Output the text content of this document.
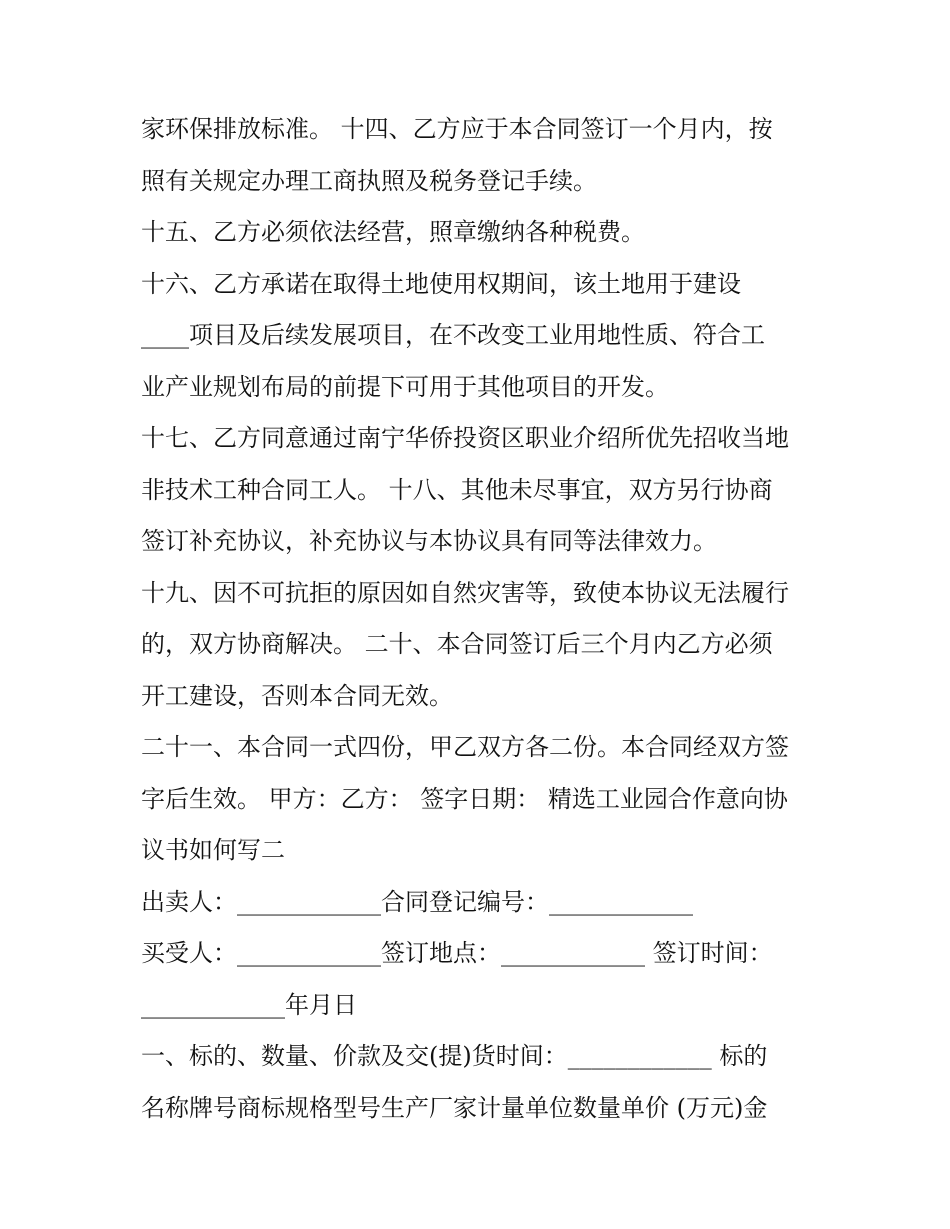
家环保排放标准。 十四、乙方应于本合同签订一个月内，按
照有关规定办理工商执照及税务登记手续。
十五、乙方必须依法经营，照章缴纳各种税费。
十六、乙方承诺在取得土地使用权期间，该土地用于建设
____项目及后续发展项目，在不改变工业用地性质、符合工
业产业规划布局的前提下可用于其他项目的开发。
十七、乙方同意通过南宁华侨投资区职业介绍所优先招收当地
非技术工种合同工人。 十八、其他未尽事宜，双方另行协商
签订补充协议，补充协议与本协议具有同等法律效力。
十九、因不可抗拒的原因如自然灾害等，致使本协议无法履行
的，双方协商解决。 二十、本合同签订后三个月内乙方必须
开工建设，否则本合同无效。
二十一、本合同一式四份，甲乙双方各二份。本合同经双方签
字后生效。 甲方：乙方： 签字日期： 精选工业园合作意向协
议书如何写二
出卖人：____________合同登记编号：____________
买受人：____________签订地点：____________ 签订时间：
____________年月日
一、标的、数量、价款及交(提)货时间：____________ 标的
名称牌号商标规格型号生产厂家计量单位数量单价 (万元)金
